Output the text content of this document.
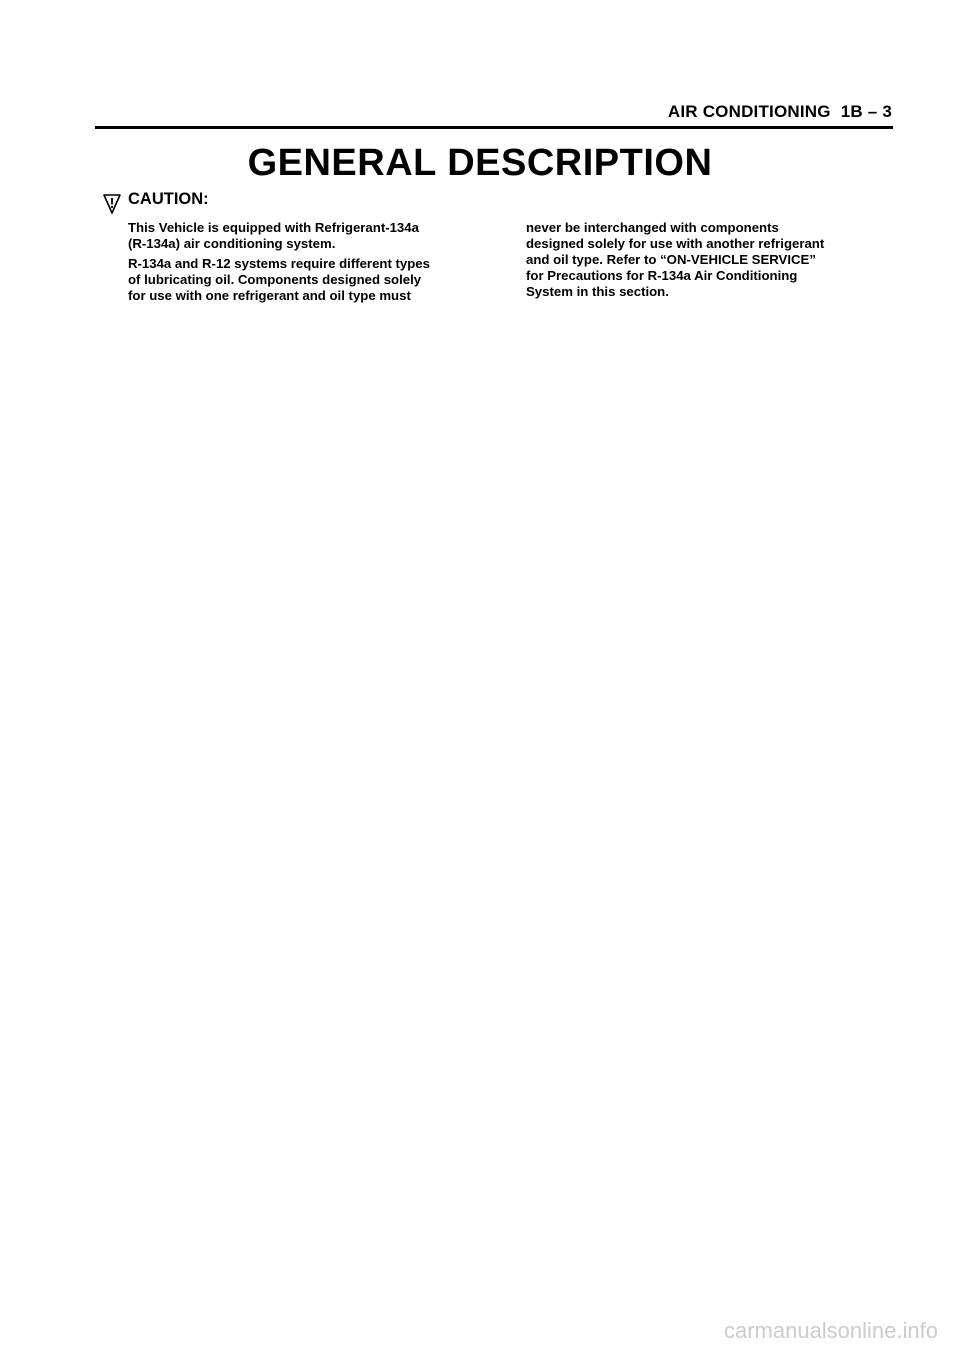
AIR CONDITIONING 1B – 3
GENERAL DESCRIPTION
CAUTION:

This Vehicle is equipped with Refrigerant-134a
(R-134a) air conditioning system.

R-134a and R-12 systems require different types
of lubricating oil. Components designed solely
for use with one refrigerant and oil type must

never be interchanged with components
designed solely for use with another refrigerant
and oil type. Refer to “ON-VEHICLE SERVICE”
for Precautions for R-134a Air Conditioning
System in this section.

carmanualsonline.info
